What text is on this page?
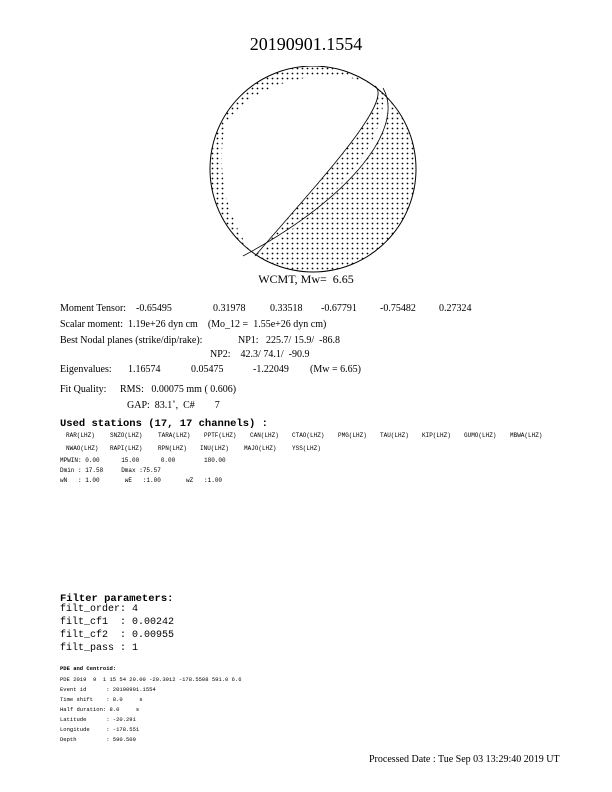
20190901.1554
WCMT, Mw=  6.65
Moment Tensor: -0.65495	0.31978 0.33518 -0.67791 -0.75482 0.27324
Scalar moment:  1.19e+26 dyn cm    (Mo_12 =  1.55e+26 dyn cm)
Best Nodal planes (strike/dip/rake):	NP1:   225.7/ 15.9/  -86.8
NP2:    42.3/ 74.1/  -90.9
Eigenvalues: 1.16574	0.05475	-1.22049 (Mw = 6.65)
Fit Quality: RMS:   0.00075 mm ( 0.606)
GAP:  83.1˚,  C#        7
Used stations (17, 17 channels) :
RAR(LHZ)	SNZO(LHZ)	TARA(LHZ) PPTF(LHZ) CAN(LHZ) CTAO(LHZ) PMG(LHZ) TAU(LHZ) KIP(LHZ) GUMO(LHZ) MBWA(LHZ)
NWAO(LHZ) RAPI(LHZ)	RPN(LHZ) INU(LHZ)	MAJO(LHZ)	YSS(LHZ)
MPWIN: 0.00      15.00      0.00        180.00
Dmin : 17.58     Dmax :75.57
wN   : 1.00       wE   :1.00       wZ   :1.00
Filter parameters:
filt_order: 4
filt_cf1  : 0.00242
filt_cf2  : 0.00955
filt_pass : 1
PDE and Centroid:
PDE 2019  9  1 15 54 20.00 -20.3912 -178.5508 591.0 6.6
Event id      : 20190901.1554
Time shift    : 8.0     s
Half duration: 8.0     s
Latitude      : -20.291
Longitude     : -178.551
Depth         : 590.500
Processed Date : Tue Sep 03 13:29:40 2019 UT
